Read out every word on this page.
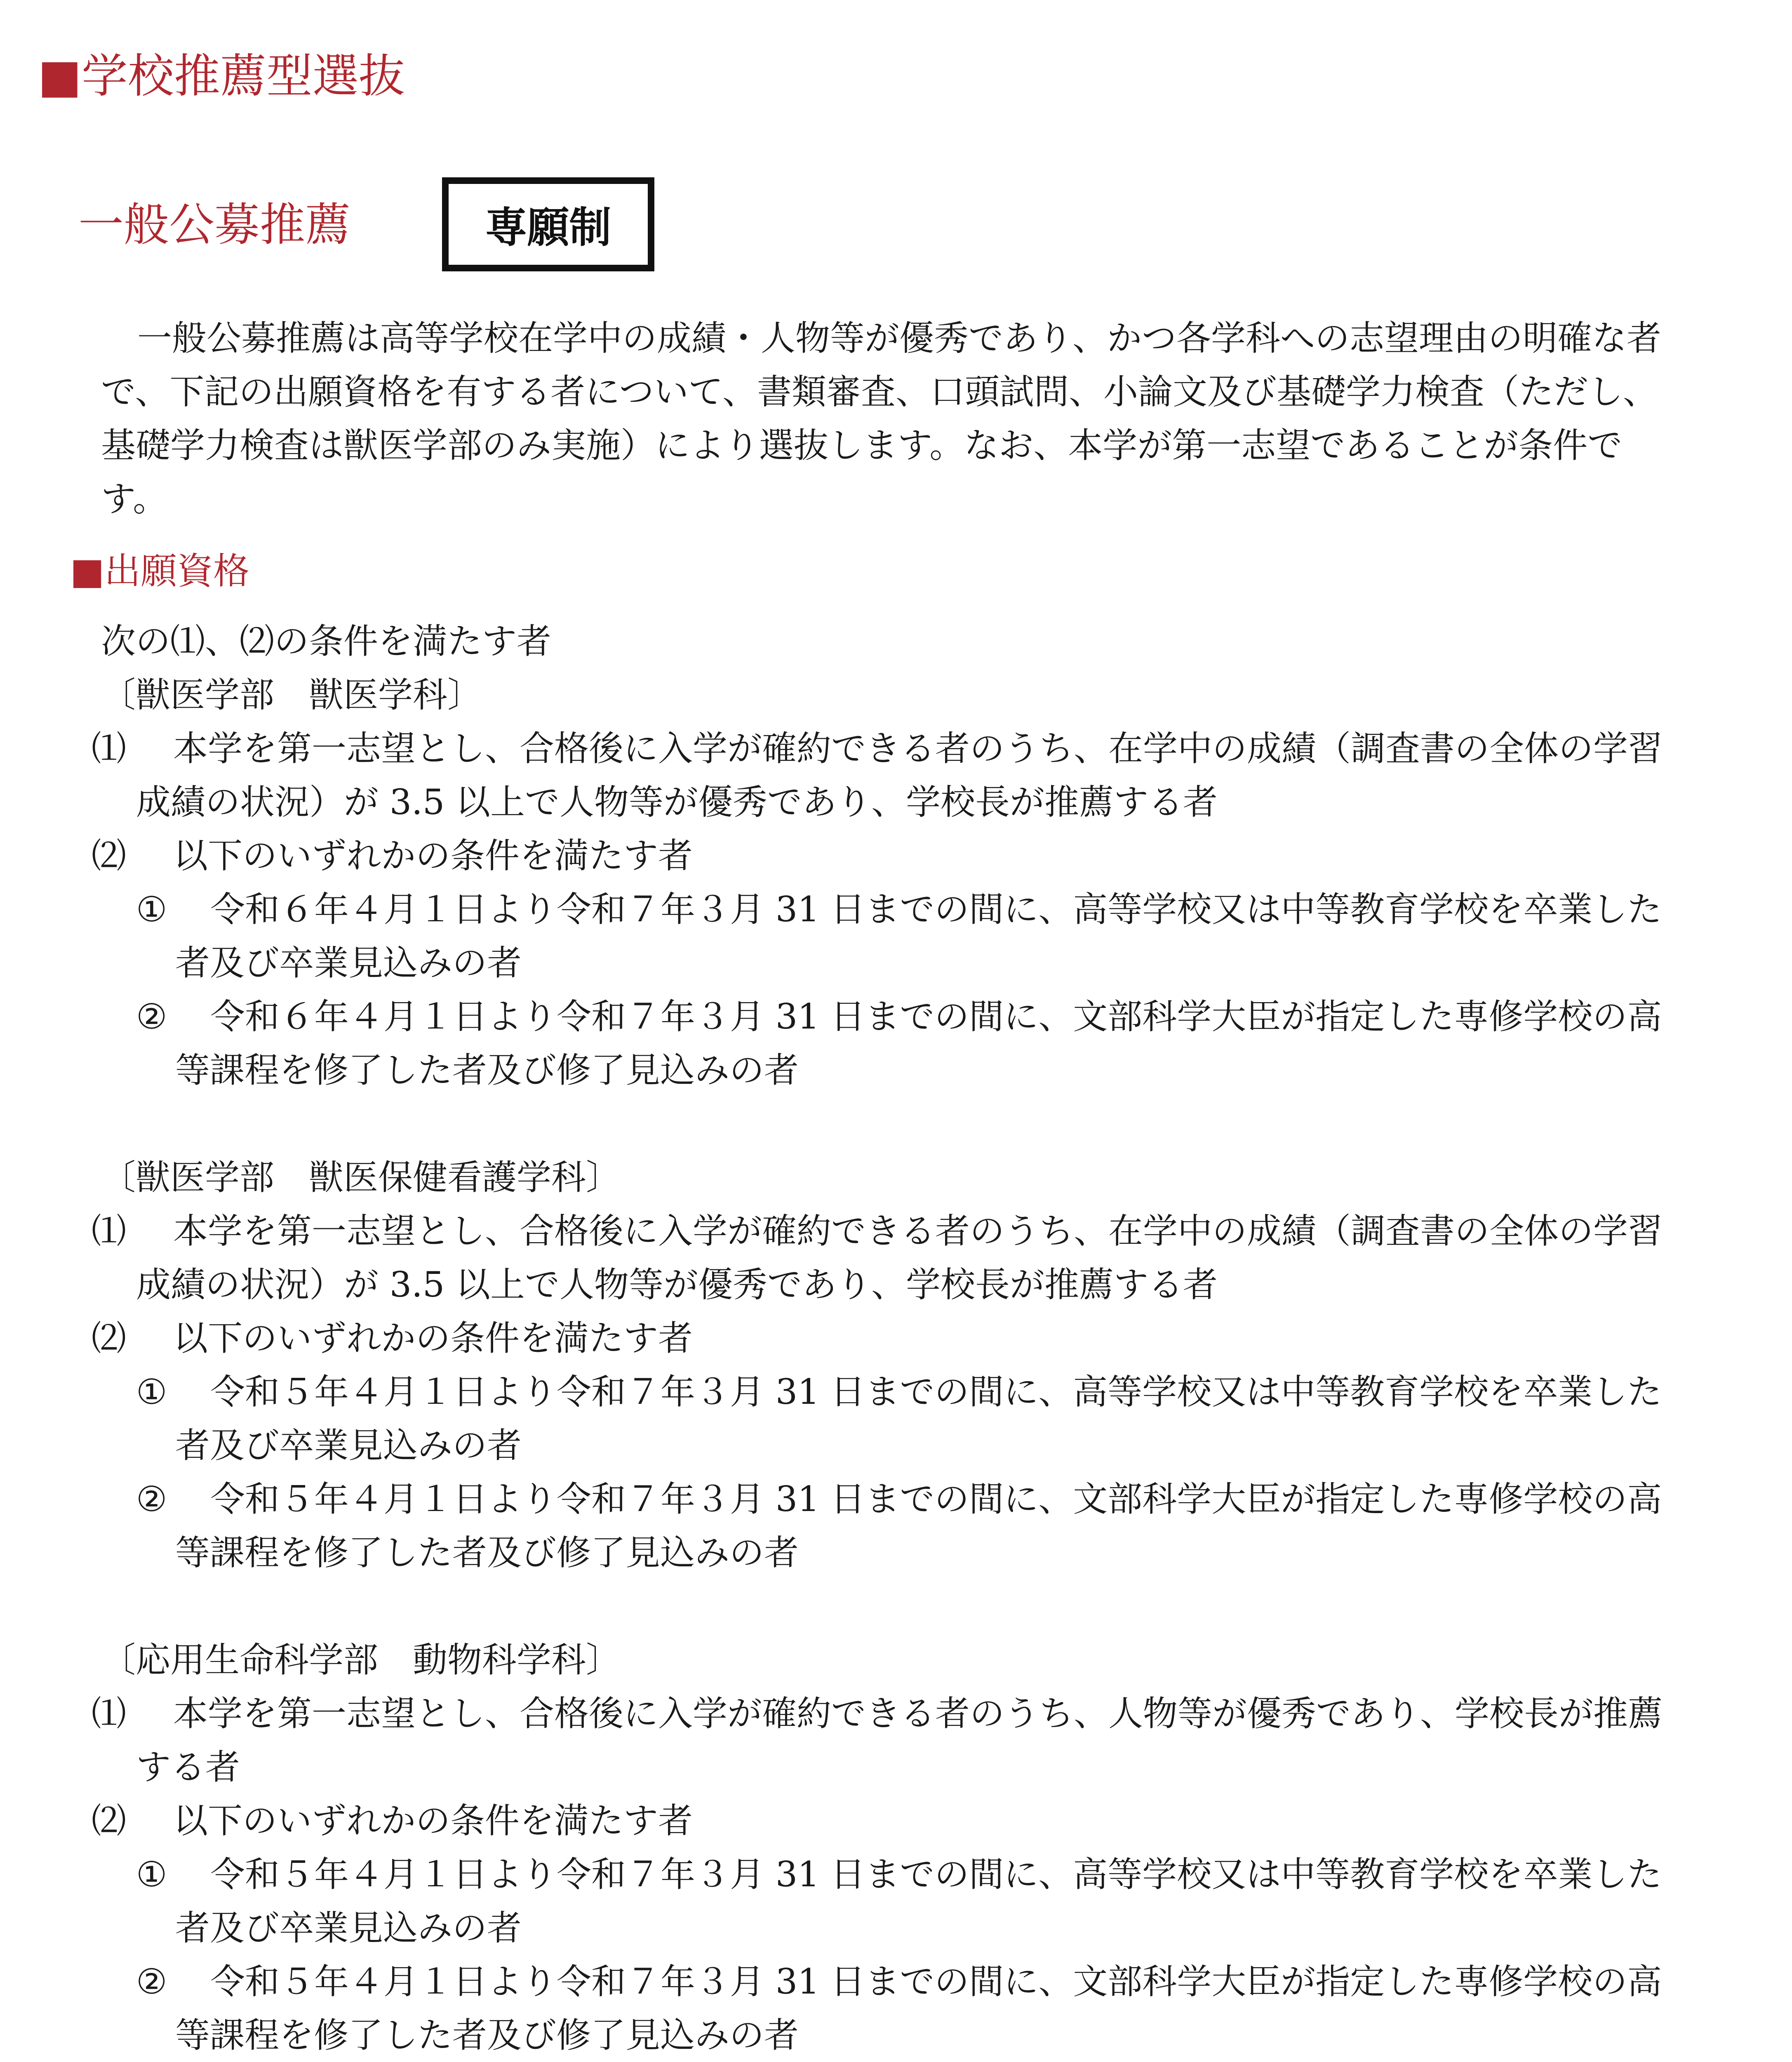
■学校推薦型選抜
一般公募推薦	専願制
一般公募推薦は高等学校在学中の成績・人物等が優秀であり、かつ各学科への志望理由の明確な者
で、下記の出願資格を有する者について、書類審査、口頭試問、小論文及び基礎学力検査（ただし、
基礎学力検査は獣医学部のみ実施）により選抜します。なお、本学が第一志望であることが条件で
す。
■出願資格
次の⑴、⑵の条件を満たす者
〔獣医学部　獣医学科〕
⑴ 本学を第一志望とし、合格後に入学が確約できる者のうち、在学中の成績（調査書の全体の学習
成績の状況）が 3.5 以上で人物等が優秀であり、学校長が推薦する者
⑵ 以下のいずれかの条件を満たす者
① 令和６年４月１日より令和７年３月 31 日までの間に、高等学校又は中等教育学校を卒業した
者及び卒業見込みの者
② 令和６年４月１日より令和７年３月 31 日までの間に、文部科学大臣が指定した専修学校の高
等課程を修了した者及び修了見込みの者
〔獣医学部　獣医保健看護学科〕
⑴ 本学を第一志望とし、合格後に入学が確約できる者のうち、在学中の成績（調査書の全体の学習
成績の状況）が 3.5 以上で人物等が優秀であり、学校長が推薦する者
⑵ 以下のいずれかの条件を満たす者
① 令和５年４月１日より令和７年３月 31 日までの間に、高等学校又は中等教育学校を卒業した
者及び卒業見込みの者
② 令和５年４月１日より令和７年３月 31 日までの間に、文部科学大臣が指定した専修学校の高
等課程を修了した者及び修了見込みの者
〔応用生命科学部　動物科学科〕
⑴ 本学を第一志望とし、合格後に入学が確約できる者のうち、人物等が優秀であり、学校長が推薦
する者
⑵ 以下のいずれかの条件を満たす者
① 令和５年４月１日より令和７年３月 31 日までの間に、高等学校又は中等教育学校を卒業した
者及び卒業見込みの者
② 令和５年４月１日より令和７年３月 31 日までの間に、文部科学大臣が指定した専修学校の高
等課程を修了した者及び修了見込みの者
